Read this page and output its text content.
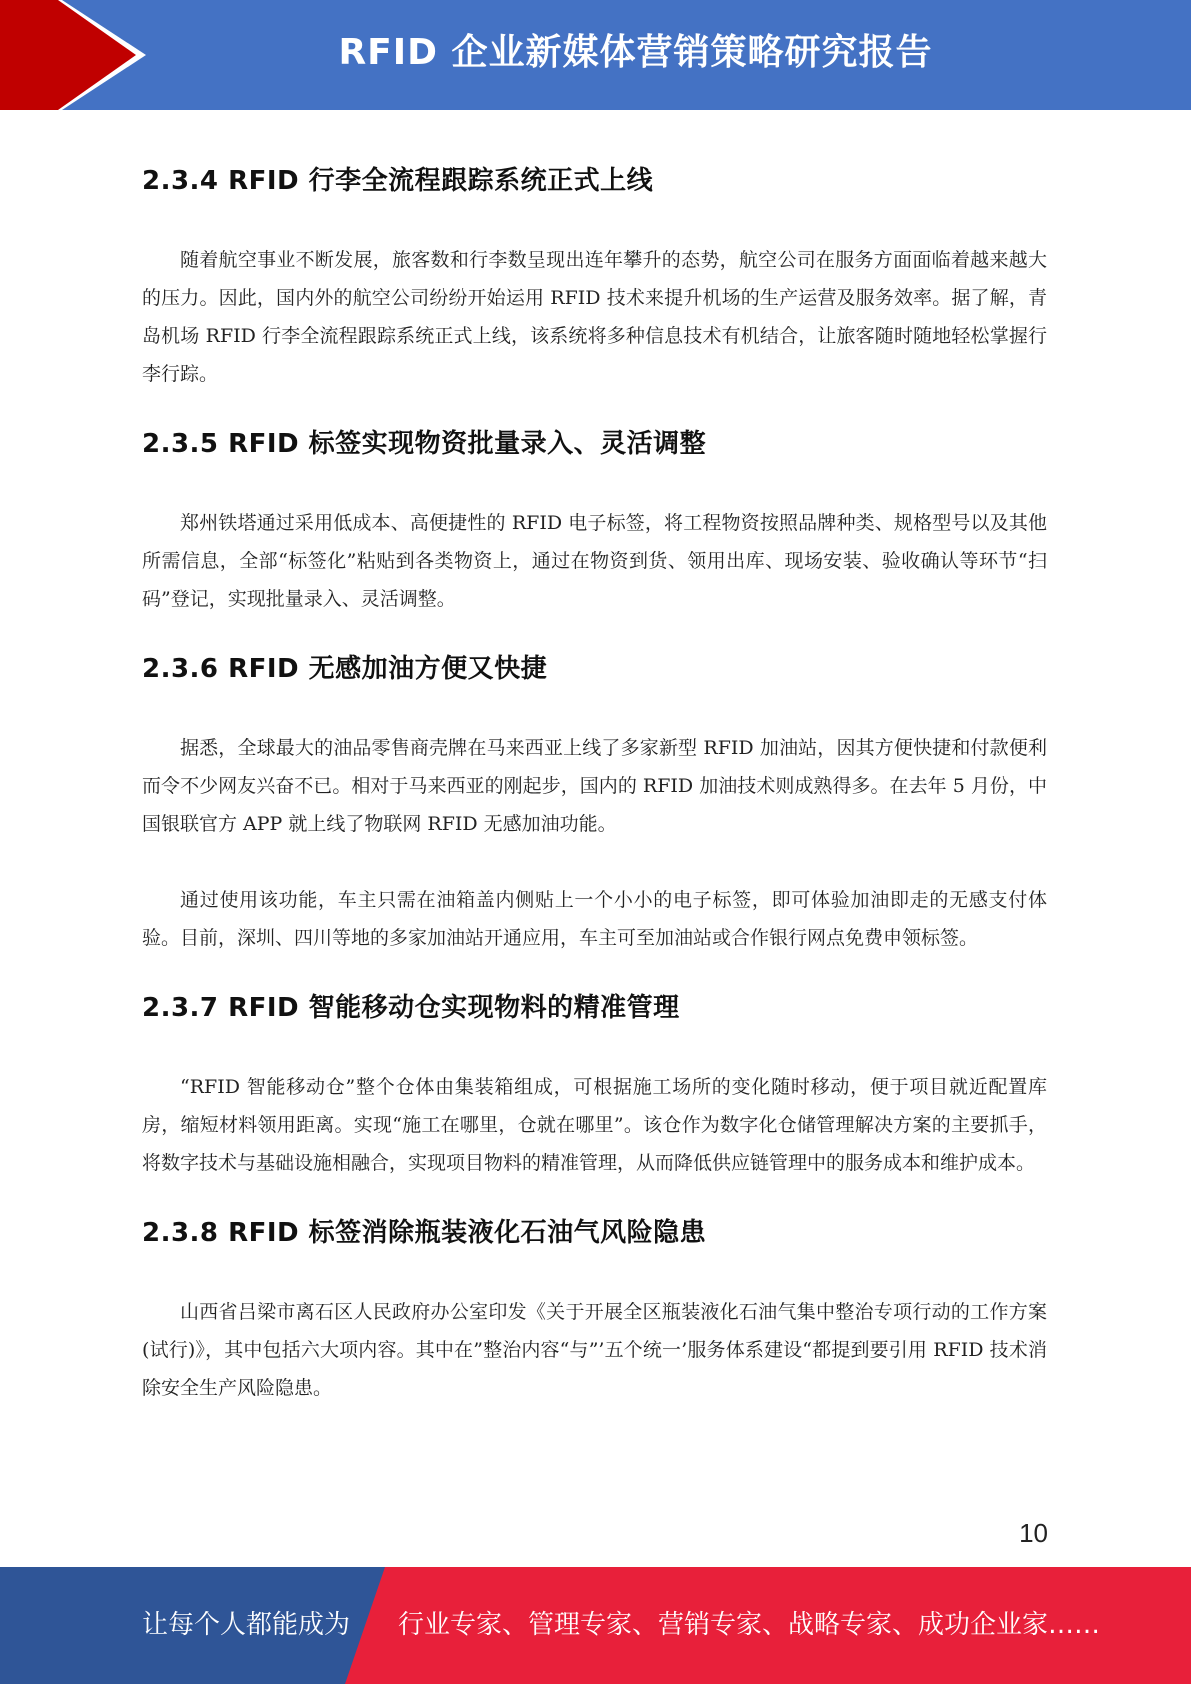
RFID 企业新媒体营销策略研究报告
2.3.4 RFID 行李全流程跟踪系统正式上线

随着航空事业不断发展，旅客数和行李数呈现出连年攀升的态势，航空公司在服务方面面临着越来越大的压力。因此，国内外的航空公司纷纷开始运用 RFID 技术来提升机场的生产运营及服务效率。据了解，青岛机场 RFID 行李全流程跟踪系统正式上线，该系统将多种信息技术有机结合，让旅客随时随地轻松掌握行李行踪。

2.3.5 RFID 标签实现物资批量录入、灵活调整

郑州铁塔通过采用低成本、高便捷性的 RFID 电子标签，将工程物资按照品牌种类、规格型号以及其他所需信息，全部“标签化”粘贴到各类物资上，通过在物资到货、领用出库、现场安装、验收确认等环节“扫码”登记，实现批量录入、灵活调整。

2.3.6 RFID 无感加油方便又快捷

据悉，全球最大的油品零售商壳牌在马来西亚上线了多家新型 RFID 加油站，因其方便快捷和付款便利而令不少网友兴奋不已。相对于马来西亚的刚起步，国内的 RFID 加油技术则成熟得多。在去年 5 月份，中国银联官方 APP 就上线了物联网 RFID 无感加油功能。

通过使用该功能，车主只需在油箱盖内侧贴上一个小小的电子标签，即可体验加油即走的无感支付体验。目前，深圳、四川等地的多家加油站开通应用，车主可至加油站或合作银行网点免费申领标签。

2.3.7 RFID 智能移动仓实现物料的精准管理

“RFID 智能移动仓”整个仓体由集装箱组成，可根据施工场所的变化随时移动，便于项目就近配置库房，缩短材料领用距离。实现“施工在哪里，仓就在哪里”。该仓作为数字化仓储管理解决方案的主要抓手，将数字技术与基础设施相融合，实现项目物料的精准管理，从而降低供应链管理中的服务成本和维护成本。

2.3.8 RFID 标签消除瓶装液化石油气风险隐患

山西省吕梁市离石区人民政府办公室印发《关于开展全区瓶装液化石油气集中整治专项行动的工作方案(试行)》，其中包括六大项内容。其中在”整治内容“与”’五个统一’服务体系建设“都提到要引用 RFID 技术消除安全生产风险隐患。

10
让每个人都能成为 行业专家、管理专家、营销专家、战略专家、成功企业家……
